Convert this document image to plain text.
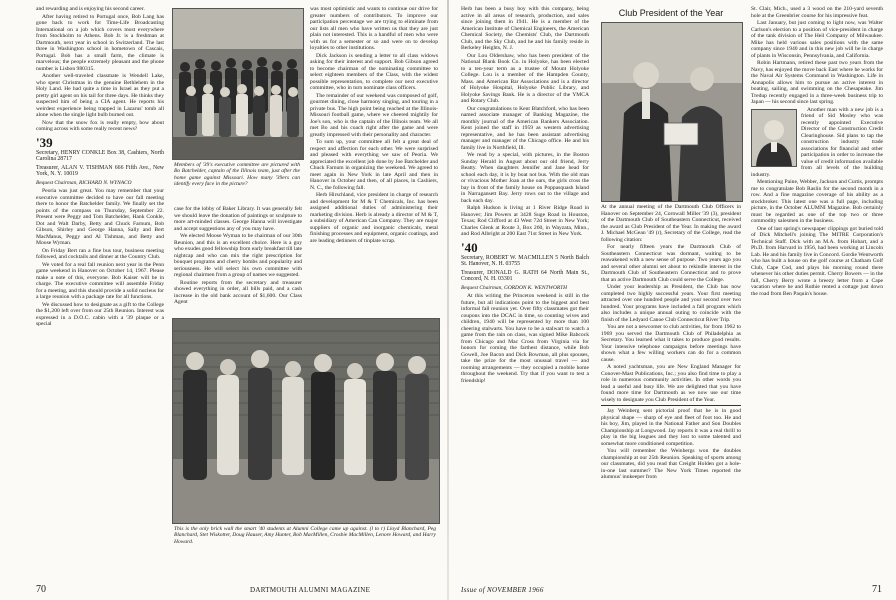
and rewarding and is enjoying his second career.

After having retired to Portugal once, Bob Lang has gone back to work for Time-Life Broadcasting International on a job which covers most everywhere from Stockholm to Athens. Bob Jr. is a freshman at Dartmouth, next year in school in Switzerland. The last three in Washington school in hometown of Cascais, Portugal. Bob has a small farm, the climate is marvelous; the people extremely pleasant and the phone number is Lisbon 980315.

Another well-traveled classmate is Wendell Lake, who spent Christmas in the genuine Bethlehem in the Holy Land. He had quite a time in Israel as they put a pretty girl agent on his tail for three days. He thinks they suspected him of being a CIA agent. He reports his weirdest experience being trapped in Lazarus' tomb all alone when the single light bulb burned out.

Now that the snow fox is really empty, how about coming across with some really recent news?

'39
Secretary, HENRY CONKLE Box 38, Cashiers, North Carolina 28717
Treasurer, ALAN V. TISHMAN 666 Fifth Ave., New York, N. Y. 10019
Bequest Chairman, RICHARD N. WYNACO

Peoria was just great. You may remember that your executive committee decided to have our fall meeting there to honor the Batchelder family. We finally set the points of the compass on Thursday, September 22. Present were Peggy and Tom Batchelder, Hank Conkle, Dot and Walt Darby, Betty and Chuck Farnum, Bob Gibson, Shirley and George Hanna, Sally and Bert MacManus, Peggy and Al Tishman, and Betty and Moose Wyman.

On Friday Bert ran a fine bus tour, business meeting followed, and cocktails and dinner at the Country Club.

We voted for a real fall reunion next year in the Penn game weekend in Hanover on October 14, 1967. Please make a note of this, everyone. Bob Kaiser will be in charge. The executive committee will assemble Friday for a meeting, and this should provide a solid nucleus for a large reunion with a package rate for all functions.

We discussed how to designate as a gift to the College the $1,200 left over from our 25th Reunion. Interest was expressed in a D.O.C. cabin with a '39 plaque or a special

Members of '39's executive committee are pictured with Bo Batchelder, captain of the Illinois team, just after the home game against Missouri. How many '39ers can identify every face in the picture?

case for the lobby of Baker Library. It was generally felt we should leave the donation of paintings or sculpture to more art-minded classes. George Hanna will investigate and accept suggestions any of you may have.

We elected Moose Wyman to be chairman of our 30th Reunion, and this is an excellent choice. Here is a guy who exudes good fellowship from early breakfast till late nightcap and who can mix the right prescription for bouquet programs and cherry bombs and popularity and seriousness. He will select his own committee with regional chairmen from a group of names we suggested.

Routine reports from the secretary and treasurer showed everything in order, all bills paid, and a cash increase in the old bank account of $1,600. Our Class Agent

was most optimistic and wants to continue our drive for greater numbers of contributors. To improve our participation percentage we are trying to eliminate from our lists all men who have written us that they are just plain not interested. This is a handful of men who were with us for a semester or so and were on to develop loyalties to other institutions.

Dick Jackson is sending a letter to all class widows asking for their interest and support. Bob Gibson agreed to become chairman of the nominating committee to select eighteen members of the Class, with the widest possible representation, to complete our next executive committee, who in turn nominate class officers.

The remainder of our weekend was composed of golf, gourmet dining, close harmony singing, and touring in a private bus. The high point being reached at the Illinois-Missouri football game, where we cheered mightily for Joe's son, who is the captain of the Illinois team. We all met Bo and his coach right after the game and were greatly impressed with their personality and character.

To sum up, your committee all felt a great deal of respect and affection for each other. We were surprised and pleased with everything we saw of Peoria. We appreciated the excellent job done by Joe Batchelder and Chuck Farnum in organizing the weekend. We agreed to meet again in New York in late April and then in Hanover in October and then, of all places, in Cashiers, N. C., the following fall.

Herb Hirschland, vice president in charge of research and development for M & T Chemicals, Inc. has been assigned additional duties of administering their marketing division. Herb is already a director of M & T, a subsidiary of American Can Company. They are major suppliers of organic and inorganic chemicals, metal finishing processes and equipment, organic coatings, and are leading detinners of tinplate scrap.

This is the only brick wall the smart '40 students at Alumni College came up against. (l to r) Lloyd Blanchard, Peg Blanchard, Stet Wiskotter, Doug Hauser, Amy Hunter, Bob MacMillen, Crosbie MacMillen, Lenore Howard, and Harry Howard.
70	DARTMOUTH ALUMNI MAGAZINE

Herb has been a busy boy with this company, being active in all areas of research, production, and sales since joining them in 1941. He is a member of the American Institute of Chemical Engineers, the American Chemical Society, the Chemists' Club, the Dartmouth Club, and the Sky Club, and he and his family reside in Berkeley Heights, N. J.

Our Lou Oldershaw, who has been president of the National Blank Book Co. in Holyoke, has been elected to a ten-year term as a trustee of Mount Holyoke College. Lou is a member of the Hampden County, Mass. and American Bar Associations and is a director of Holyoke Hospital, Holyoke Public Library, and Holyoke Savings Bank. He is a director of the YMCA and Rotary Club.

Our congratulations to Kent Blatchford, who has been named associate manager of Banking Magazine, the monthly journal of the American Bankers Association. Kent joined the staff in 1959 as western advertising representative, and he has been assistant advertising manager and manager of the Chicago office. He and his family live in Northfield, Ill.

We read by a special, with pictures, in the Boston Sunday Herald in August about our old friend, Jerry Beatty. When daughters Jennifer and Jane head for school each day, it is by boat not bus. With the old man or vivacious Mother Joan at the oars, the girls cross the bay in front of the family house on Poppasquash Island in Narragansett Bay. Jerry rows out to the village and back each day.

Ralph Hudson is living at 1 River Ridge Road in Hanover; Jim Powers at 3428 Suge Road in Houston, Texas; Rod Clifford at 43 West 72d Street in New York; Charles Glenk at Route 3, Box 260, in Wayzata, Minn., and Rod Albright at 200 East 71st Street in New York.

'40
Secretary, ROBERT W. MACMILLEN 5 North Balch St. Hanover, N. H. 03755
Treasurer, DONALD G. RATH 64 North Main St., Concord, N. H. 03301
Bequest Chairman, GORDON K. WENTWORTH

At this writing the Princeton weekend is still in the future, but all indications point to the biggest and best informal fall reunion yet. Over fifty classmates got their coupons into the DCAC in time, so counting wives and children, 1940 will be represented by more than 100 cheering stalwarts. You have to be a stalwart to watch a game from the rain on class, was signed Mike Babcock from Chicago and Mac Cross from Virginia via for honors for coming the farthest distance, while Bob Gowell, Joe Bacon and Dick Bowman, all plus spouses, take the prize for the most unusual travel — and rooming arrangements — they occupied a mobile home throughout the weekend. Try that if you want to test a friendship!

Club President of the Year

At the annual meeting of the Dartmouth Club Officers in Hanover on September 24, Cornwall Miller '39 (3), president of the Dartmouth Club of Southeastern Connecticut, received the award as Club President of the Year. In making the award J. Michael McGean '49 (r), Secretary of the College, read the following citation:

For nearly fifteen years the Dartmouth Club of Southeastern Connecticut was dormant, waiting to be reawakened with a new sense of purpose. Two years ago you and several other alumni set about to rekindle interest in the Dartmouth Club of Southeastern Connecticut and to prove that an active Dartmouth Club could serve the College.

Under your leadership as President, the Club has now completed two highly successful years. Your first meeting attracted over one hundred people and your second over two hundred. Your programs have included a fall program which also includes a unique annual outing to coincide with the finish of the Ledyard Canoe Club Connecticut River Trip.

You are not a newcomer to club activities, for from 1962 to 1969 you served the Dartmouth Club of Philadelphia as Secretary. You learned what it takes to produce good results. Your intensive telephone campaigns before meetings have shown what a few willing workers can do for a common cause.

A noted yachtsman, you are New England Manager for Conover-Mast Publications, Inc.; you also find time to play a role in numerous community activities. In other words you lead a useful and busy life. We are delighted that you have found more time for Dartmouth as we now use our time wisely to designate you Club President of the Year.

Jay Weinberg sent pictorial proof that he is in good physical shape — sharp of eye and fleet of foot too. He and his boy, Jim, played in the National Father and Son Doubles Championship at Longwood. Jay reports it was a real thrill to play in the big leagues and they lost to some talented and somewhat more conditioned competition.

You will remember the Weinbergs won the doubles championship at our 25th Reunion. Speaking of sports among our classmates, did you read that Creight Holden got a hole-in-one last summer? The New York Times reported the alumnus' innkeeper from

St. Clair, Mich., used a 3 wood on the 210-yard seventh hole at the Greenbrier course for his impressive feat.

Last January, but just coming to light now, was Walter Carlson's election to a position of vice-president in charge of the tank division of The Heil Company of Milwaukee. Mike has held various sales positions with the same company since 1940 and in this new job will be in charge of plants in Wisconsin, Pennsylvania, and California.

Robin Hartmann, retired these past two years from the Navy, has enjoyed the move back East where he works for the Naval Air Systems Command in Washington. Life in Annapolis allows him to pursue an active interest in boating, sailing, and swimming on the Chesapeake. Jim Tredup recently engaged in a three-week business trip to Japan — his second since last spring.

Another man with a new job is a friend of Sid Mosley who was recently appointed Executive Director of the Construction Credit Clearinghouse. Sid plans to tap the construction industry trade associations for financial and other participation in order to increase the value of credit information available from all levels of the building industry.

Mentioning Paine, Webber, Jackson and Curtis, prompts me to congratulate Bob Raslin for the second month in a row. And a fine magazine coverage of his ability as a stockbroker. This latest one was a full page, including picture, in the October ALUMNI Magazine. Bob certainly must be regarded as one of the top two or three commodity salesmen in the business.

One of last spring's newspaper clippings got buried told of Dick Mitchell's joining The MITRE Corporation's Technical Staff. Dick with an M.A. from Hobart, and a Ph.D. from Harvard in 1956, had been working at Lincoln Lab. He and his family live in Concord. Gordie Wentworth who has built a house on the golf course at Chatham Golf Club, Cape Cod, and plays his morning round there whenever his other duties permit. Cherry Bowers — in the fall, Cherry Berry wrote a breezy letter from a Cape vacation where he and Ruthie rented a cottage just down the road from Ben Paquin's house.

Issue of NOVEMBER 1966	71
